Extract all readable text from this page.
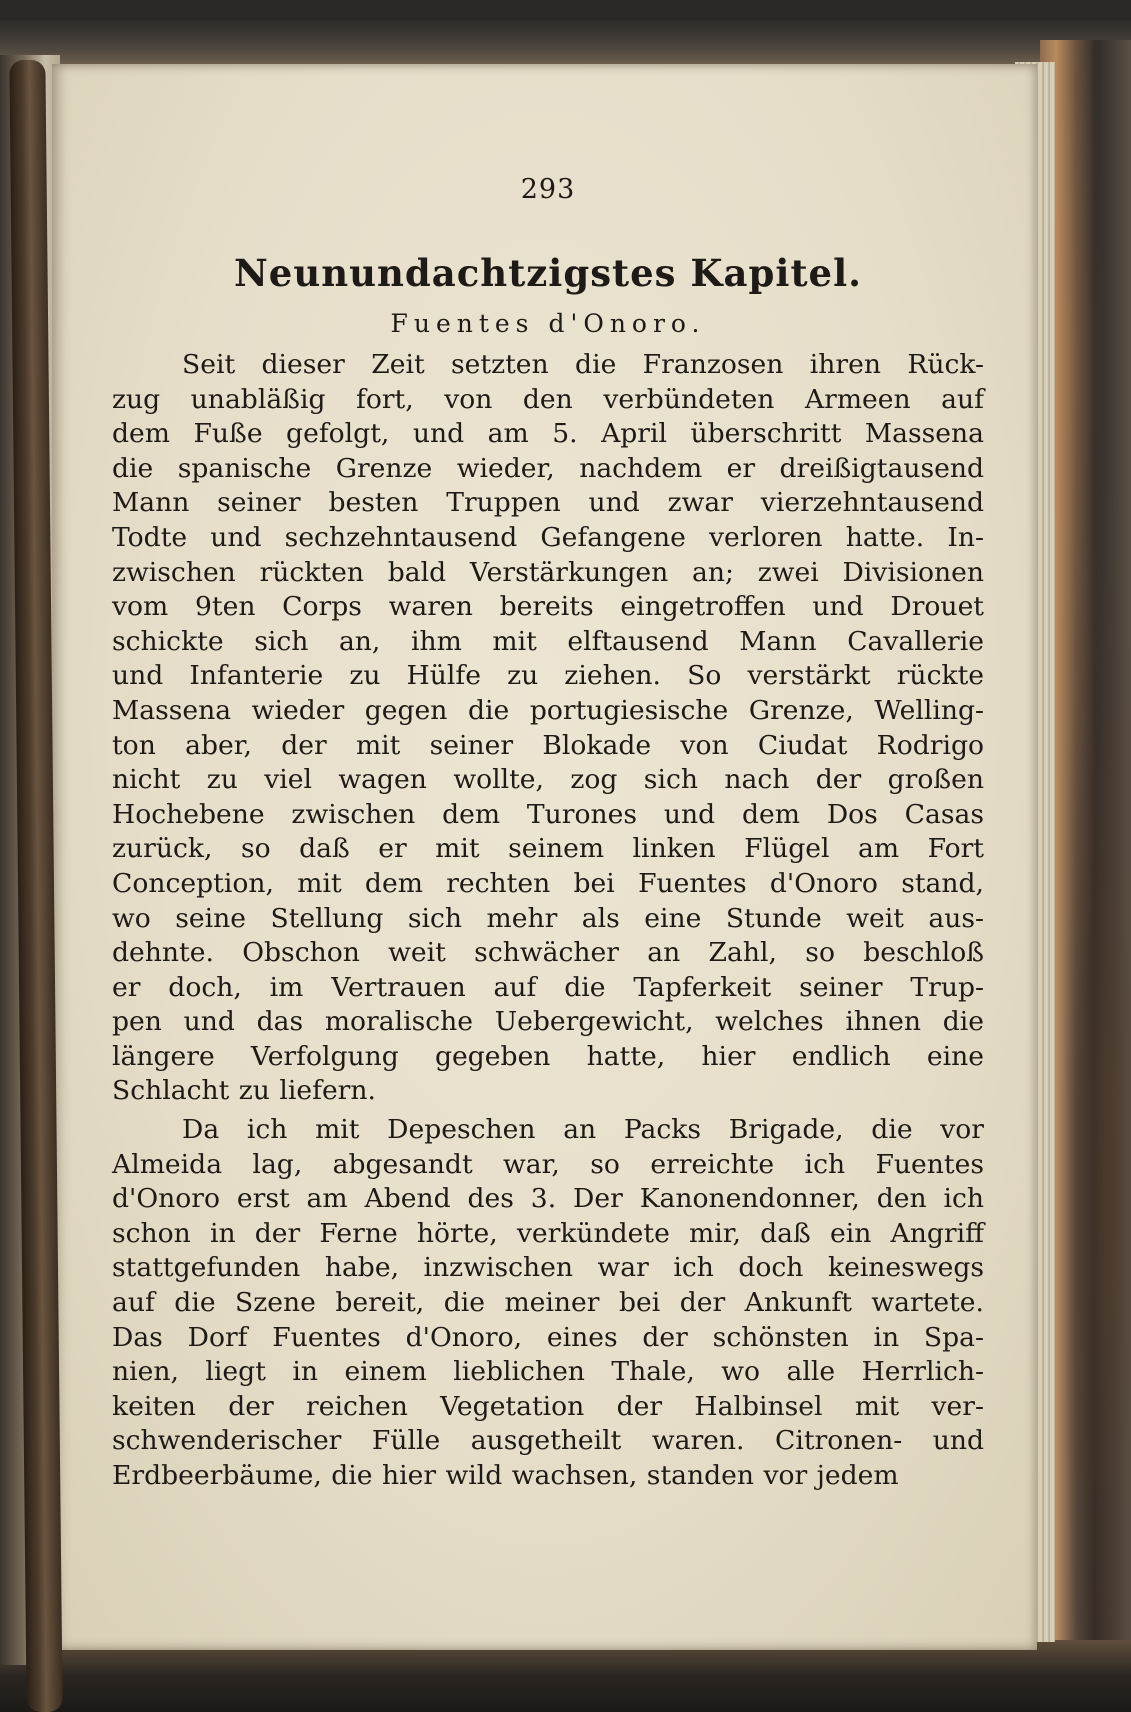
293
Neunundachtzigstes Kapitel.
Fuentes d'Onoro.
Seit dieser Zeit setzten die Franzosen ihren Rück-
zug unabläßig fort, von den verbündeten Armeen auf
dem Fuße gefolgt, und am 5. April überschritt Massena
die spanische Grenze wieder, nachdem er dreißigtausend
Mann seiner besten Truppen und zwar vierzehntausend
Todte und sechzehntausend Gefangene verloren hatte. In-
zwischen rückten bald Verstärkungen an; zwei Divisionen
vom 9ten Corps waren bereits eingetroffen und Drouet
schickte sich an, ihm mit elftausend Mann Cavallerie
und Infanterie zu Hülfe zu ziehen. So verstärkt rückte
Massena wieder gegen die portugiesische Grenze, Welling-
ton aber, der mit seiner Blokade von Ciudat Rodrigo
nicht zu viel wagen wollte, zog sich nach der großen
Hochebene zwischen dem Turones und dem Dos Casas
zurück, so daß er mit seinem linken Flügel am Fort
Conception, mit dem rechten bei Fuentes d'Onoro stand,
wo seine Stellung sich mehr als eine Stunde weit aus-
dehnte. Obschon weit schwächer an Zahl, so beschloß
er doch, im Vertrauen auf die Tapferkeit seiner Trup-
pen und das moralische Uebergewicht, welches ihnen die
längere Verfolgung gegeben hatte, hier endlich eine
Schlacht zu liefern.
Da ich mit Depeschen an Packs Brigade, die vor
Almeida lag, abgesandt war, so erreichte ich Fuentes
d'Onoro erst am Abend des 3. Der Kanonendonner, den ich
schon in der Ferne hörte, verkündete mir, daß ein Angriff
stattgefunden habe, inzwischen war ich doch keineswegs
auf die Szene bereit, die meiner bei der Ankunft wartete.
Das Dorf Fuentes d'Onoro, eines der schönsten in Spa-
nien, liegt in einem lieblichen Thale, wo alle Herrlich-
keiten der reichen Vegetation der Halbinsel mit ver-
schwenderischer Fülle ausgetheilt waren. Citronen- und
Erdbeerbäume, die hier wild wachsen, standen vor jedem
